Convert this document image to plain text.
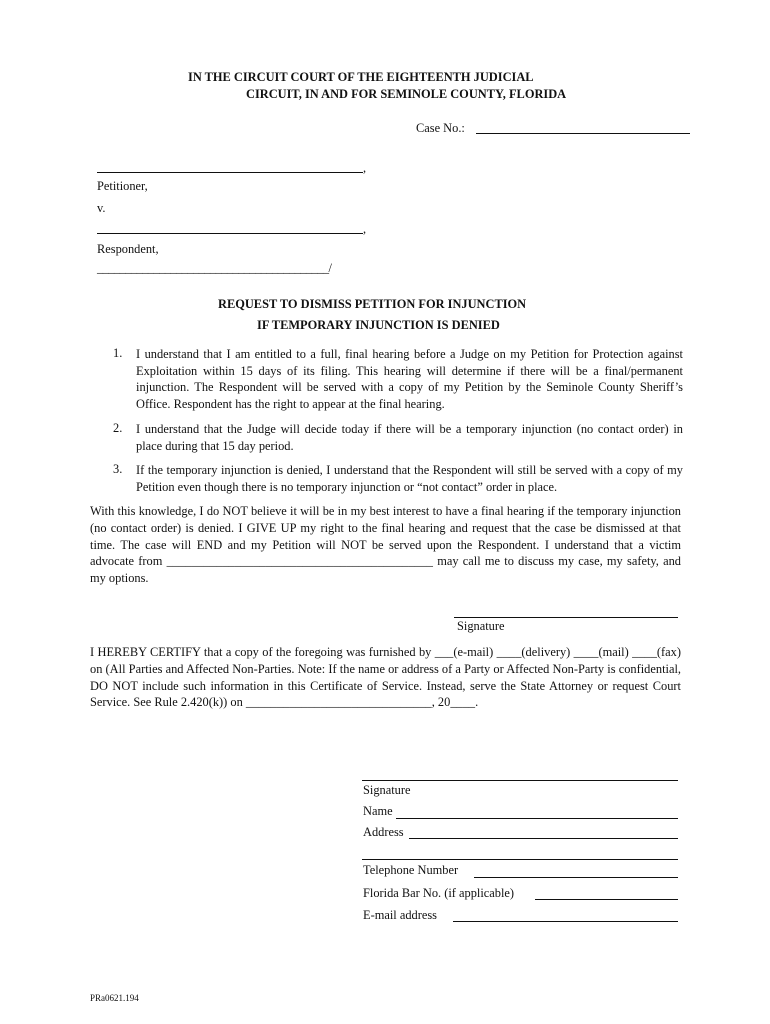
IN THE CIRCUIT COURT OF THE EIGHTEENTH JUDICIAL
CIRCUIT, IN AND FOR SEMINOLE COUNTY, FLORIDA
Case No.:
,
Petitioner,
v.
,
Respondent,
_________________________________________/
REQUEST TO DISMISS PETITION FOR INJUNCTION
IF TEMPORARY INJUNCTION IS DENIED
1. I understand that I am entitled to a full, final hearing before a Judge on my Petition for Protection against Exploitation within 15 days of its filing. This hearing will determine if there will be a final/permanent injunction. The Respondent will be served with a copy of my Petition by the Seminole County Sheriff’s Office. Respondent has the right to appear at the final hearing.
2. I understand that the Judge will decide today if there will be a temporary injunction (no contact order) in place during that 15 day period.
3. If the temporary injunction is denied, I understand that the Respondent will still be served with a copy of my Petition even though there is no temporary injunction or “not contact” order in place.
With this knowledge, I do NOT believe it will be in my best interest to have a final hearing if the temporary injunction (no contact order) is denied. I GIVE UP my right to the final hearing and request that the case be dismissed at that time. The case will END and my Petition will NOT be served upon the Respondent. I understand that a victim advocate from ___________________________________________ may call me to discuss my case, my safety, and my options.
Signature
I HEREBY CERTIFY that a copy of the foregoing was furnished by ___(e-mail) ____(delivery) ____(mail) ____(fax) on (All Parties and Affected Non-Parties. Note: If the name or address of a Party or Affected Non-Party is confidential, DO NOT include such information in this Certificate of Service. Instead, serve the State Attorney or request Court Service. See Rule 2.420(k)) on ______________________________, 20____.
Signature
Name
Address
Telephone Number
Florida Bar No. (if applicable)
E-mail address
PRa0621.194
